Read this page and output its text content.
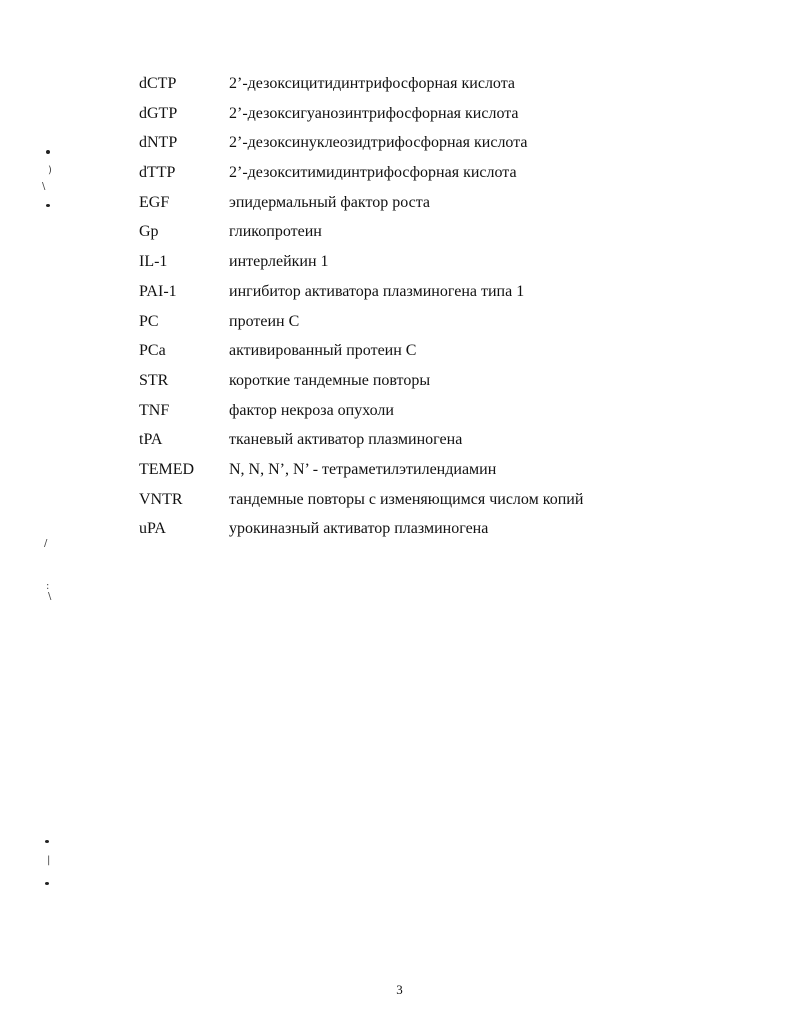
)
\
/
:
\
|
dCTP	2’-дезоксицитидинтрифосфорная кислота
dGTP	2’-дезоксигуанозинтрифосфорная кислота
dNTP	2’-дезоксинуклеозидтрифосфорная кислота
dTTP	2’-дезокситимидинтрифосфорная кислота
EGF	эпидермальный фактор роста
Gp	гликопротеин
IL-1	интерлейкин 1
PAI-1	ингибитор активатора плазминогена типа 1
PC	протеин С
PCa	активированный протеин С
STR	короткие тандемные повторы
TNF	фактор некроза опухоли
tPA	тканевый активатор плазминогена
TEMED	N, N, N’, N’ - тетраметилэтилендиамин
VNTR	тандемные повторы с изменяющимся числом копий
uPA	урокиназный активатор плазминогена
3
